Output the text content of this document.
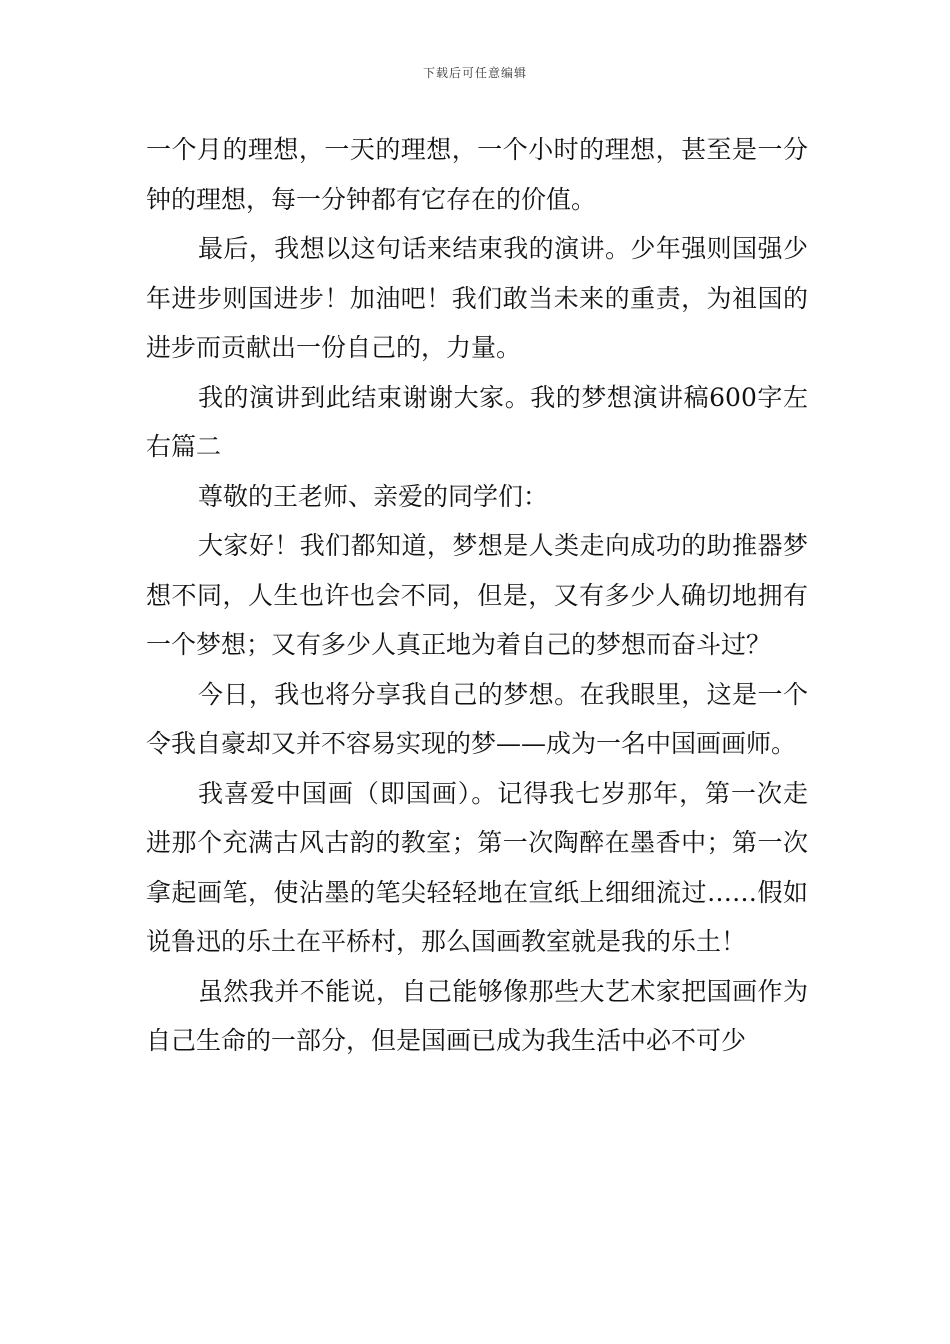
下载后可任意编辑

一个月的理想，一天的理想，一个小时的理想，甚至是一分钟的理想，每一分钟都有它存在的价值。

最后，我想以这句话来结束我的演讲。少年强则国强少年进步则国进步！加油吧！我们敢当未来的重责，为祖国的进步而贡献出一份自己的，力量。

我的演讲到此结束谢谢大家。我的梦想演讲稿600字左右篇二

尊敬的王老师、亲爱的同学们：

大家好！我们都知道，梦想是人类走向成功的助推器梦想不同，人生也许也会不同，但是，又有多少人确切地拥有一个梦想；又有多少人真正地为着自己的梦想而奋斗过？

今日，我也将分享我自己的梦想。在我眼里，这是一个令我自豪却又并不容易实现的梦——成为一名中国画画师。

我喜爱中国画（即国画）。记得我七岁那年，第一次走进那个充满古风古韵的教室；第一次陶醉在墨香中；第一次拿起画笔，使沾墨的笔尖轻轻地在宣纸上细细流过……假如说鲁迅的乐土在平桥村，那么国画教室就是我的乐土！

虽然我并不能说，自己能够像那些大艺术家把国画作为自己生命的一部分，但是国画已成为我生活中必不可少
